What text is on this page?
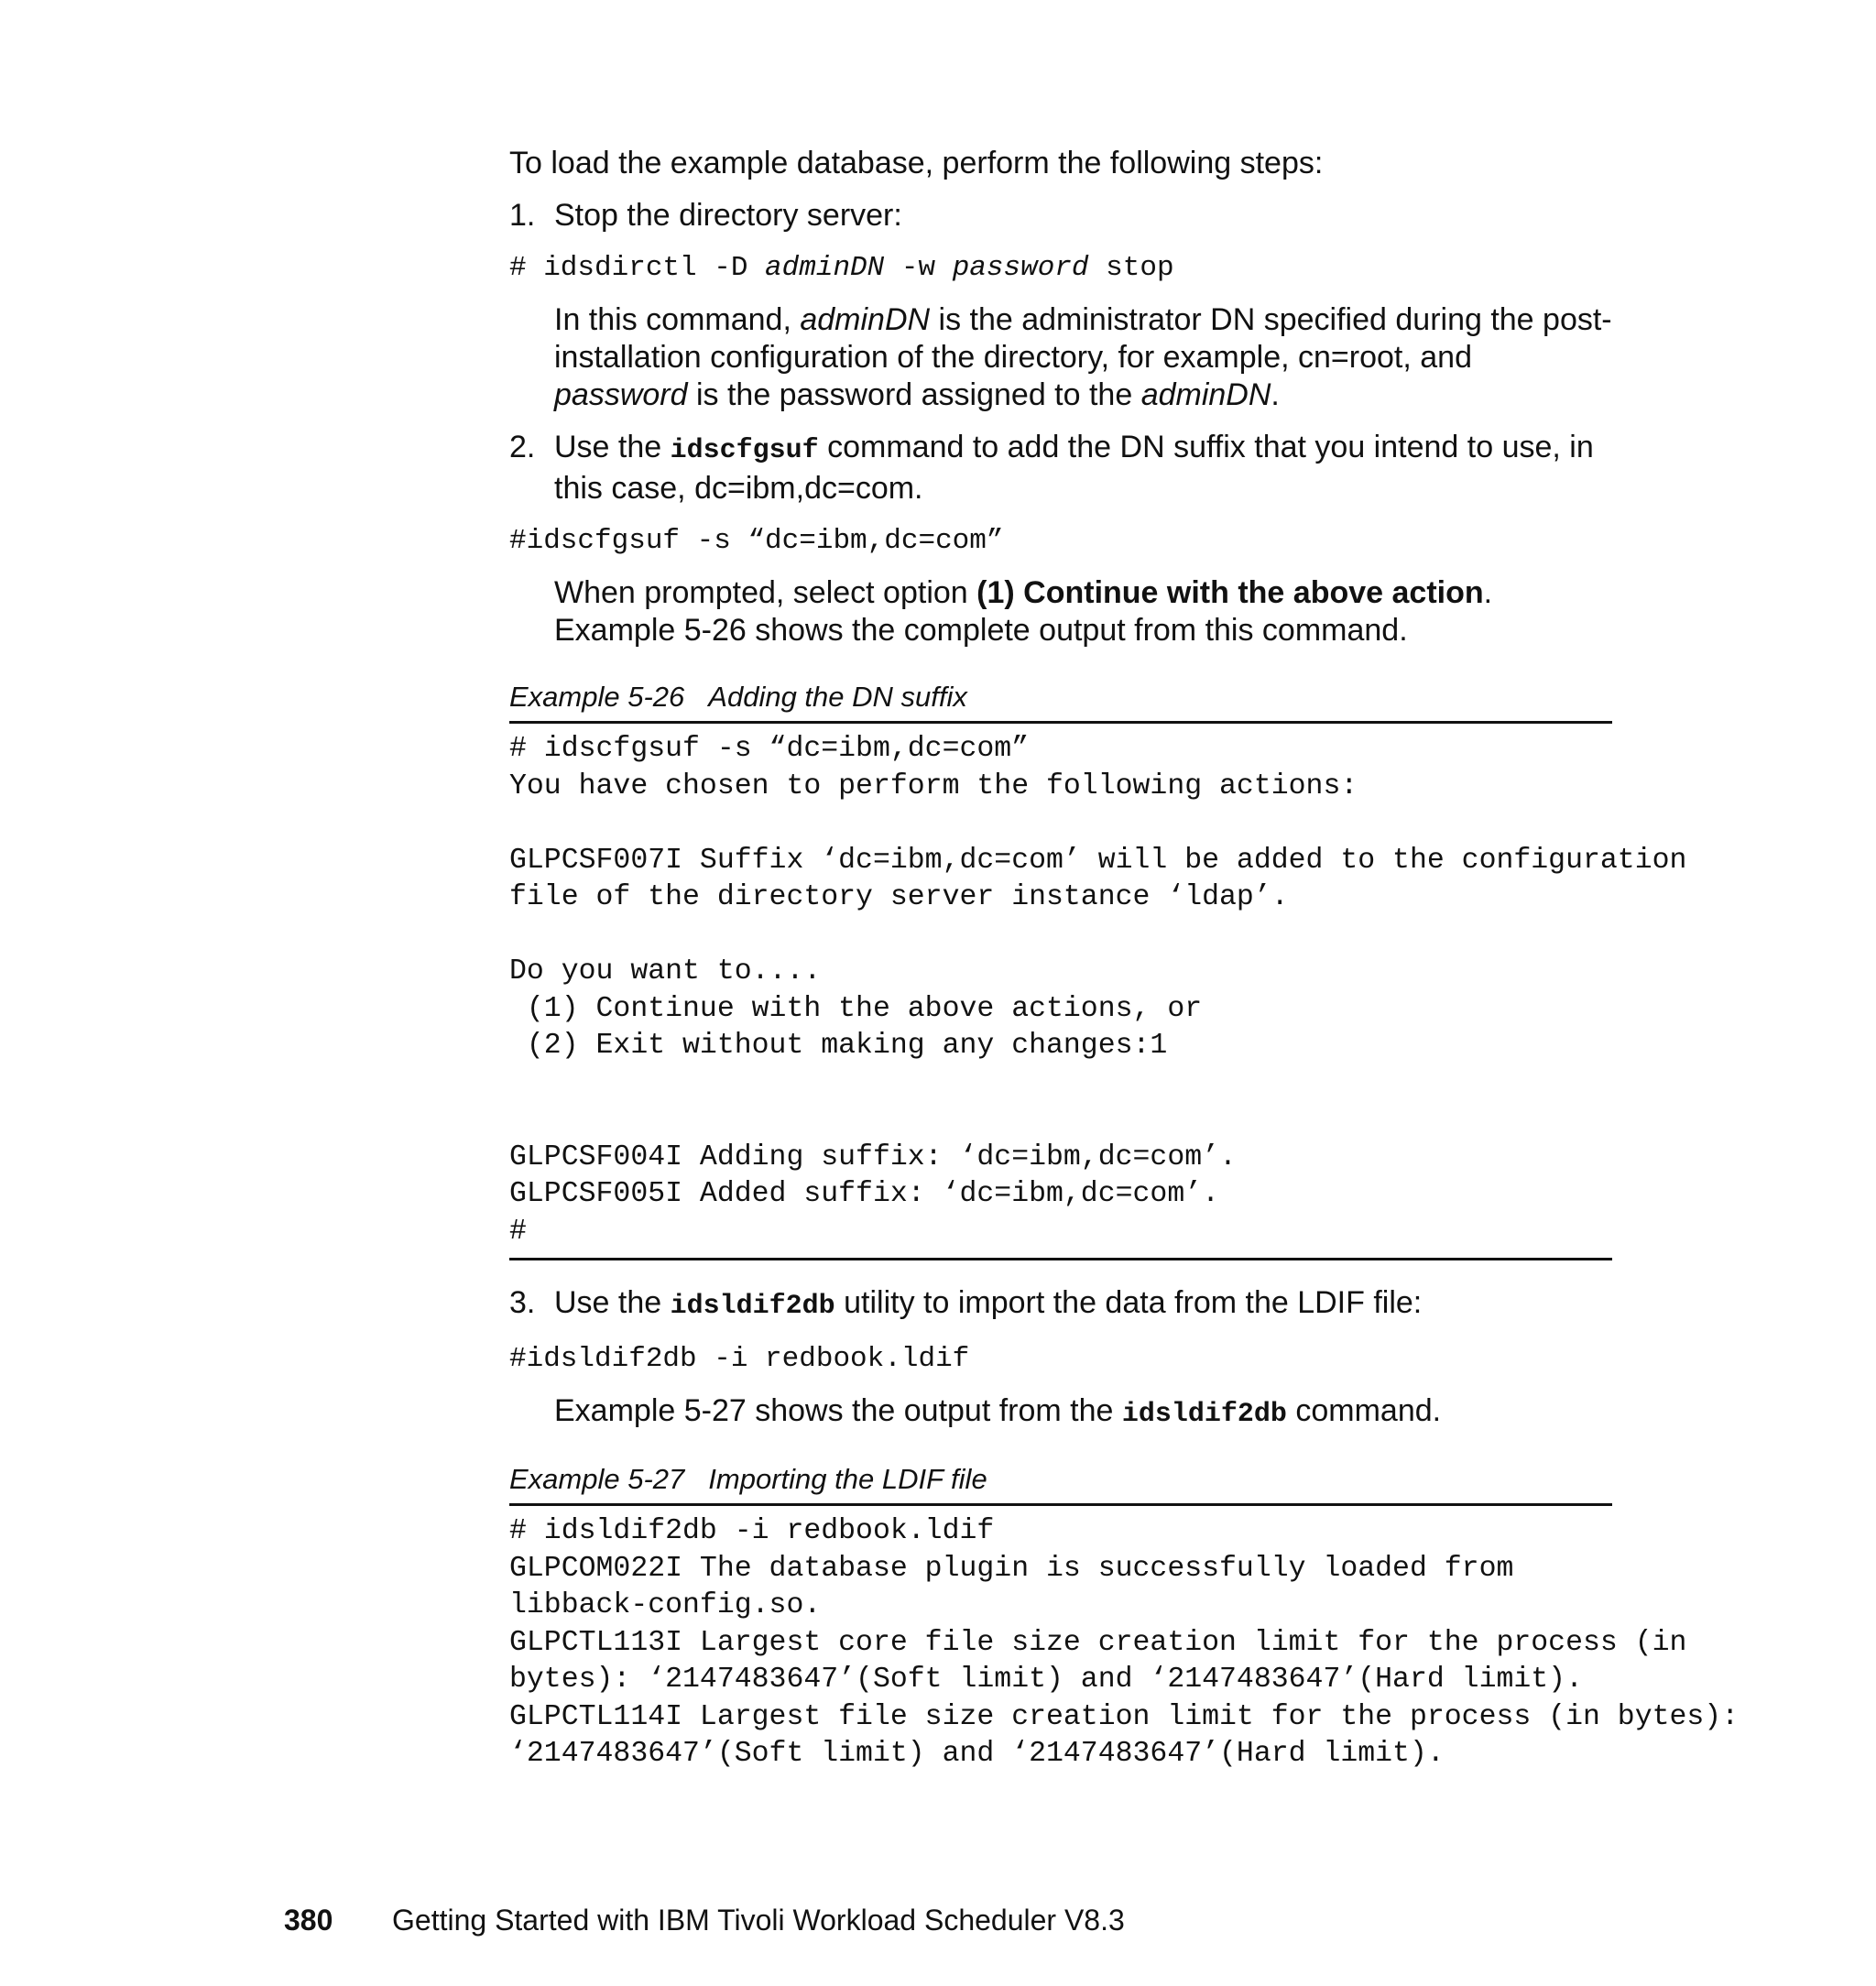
To load the example database, perform the following steps:

1. Stop the directory server:

# idsdirctl -D adminDN -w password stop

In this command, adminDN is the administrator DN specified during the post-installation configuration of the directory, for example, cn=root, and password is the password assigned to the adminDN.

2. Use the idscfgsuf command to add the DN suffix that you intend to use, in this case, dc=ibm,dc=com.

#idscfgsuf -s “dc=ibm,dc=com”

When prompted, select option (1) Continue with the above action.
Example 5-26 shows the complete output from this command.

Example 5-26 Adding the DN suffix

# idscfgsuf -s “dc=ibm,dc=com”
You have chosen to perform the following actions:

GLPCSF007I Suffix ‘dc=ibm,dc=com’ will be added to the configuration
file of the directory server instance ‘ldap’.

Do you want to....
(1) Continue with the above actions, or
(2) Exit without making any changes:1

GLPCSF004I Adding suffix: ‘dc=ibm,dc=com’.
GLPCSF005I Added suffix: ‘dc=ibm,dc=com’.
#
3. Use the idsldif2db utility to import the data from the LDIF file:

#idsldif2db -i redbook.ldif

Example 5-27 shows the output from the idsldif2db command.

Example 5-27 Importing the LDIF file

# idsldif2db -i redbook.ldif
GLPCOM022I The database plugin is successfully loaded from
libback-config.so.
GLPCTL113I Largest core file size creation limit for the process (in
bytes): ‘2147483647’(Soft limit) and ‘2147483647’(Hard limit).
GLPCTL114I Largest file size creation limit for the process (in bytes):
‘2147483647’(Soft limit) and ‘2147483647’(Hard limit).
380 Getting Started with IBM Tivoli Workload Scheduler V8.3
